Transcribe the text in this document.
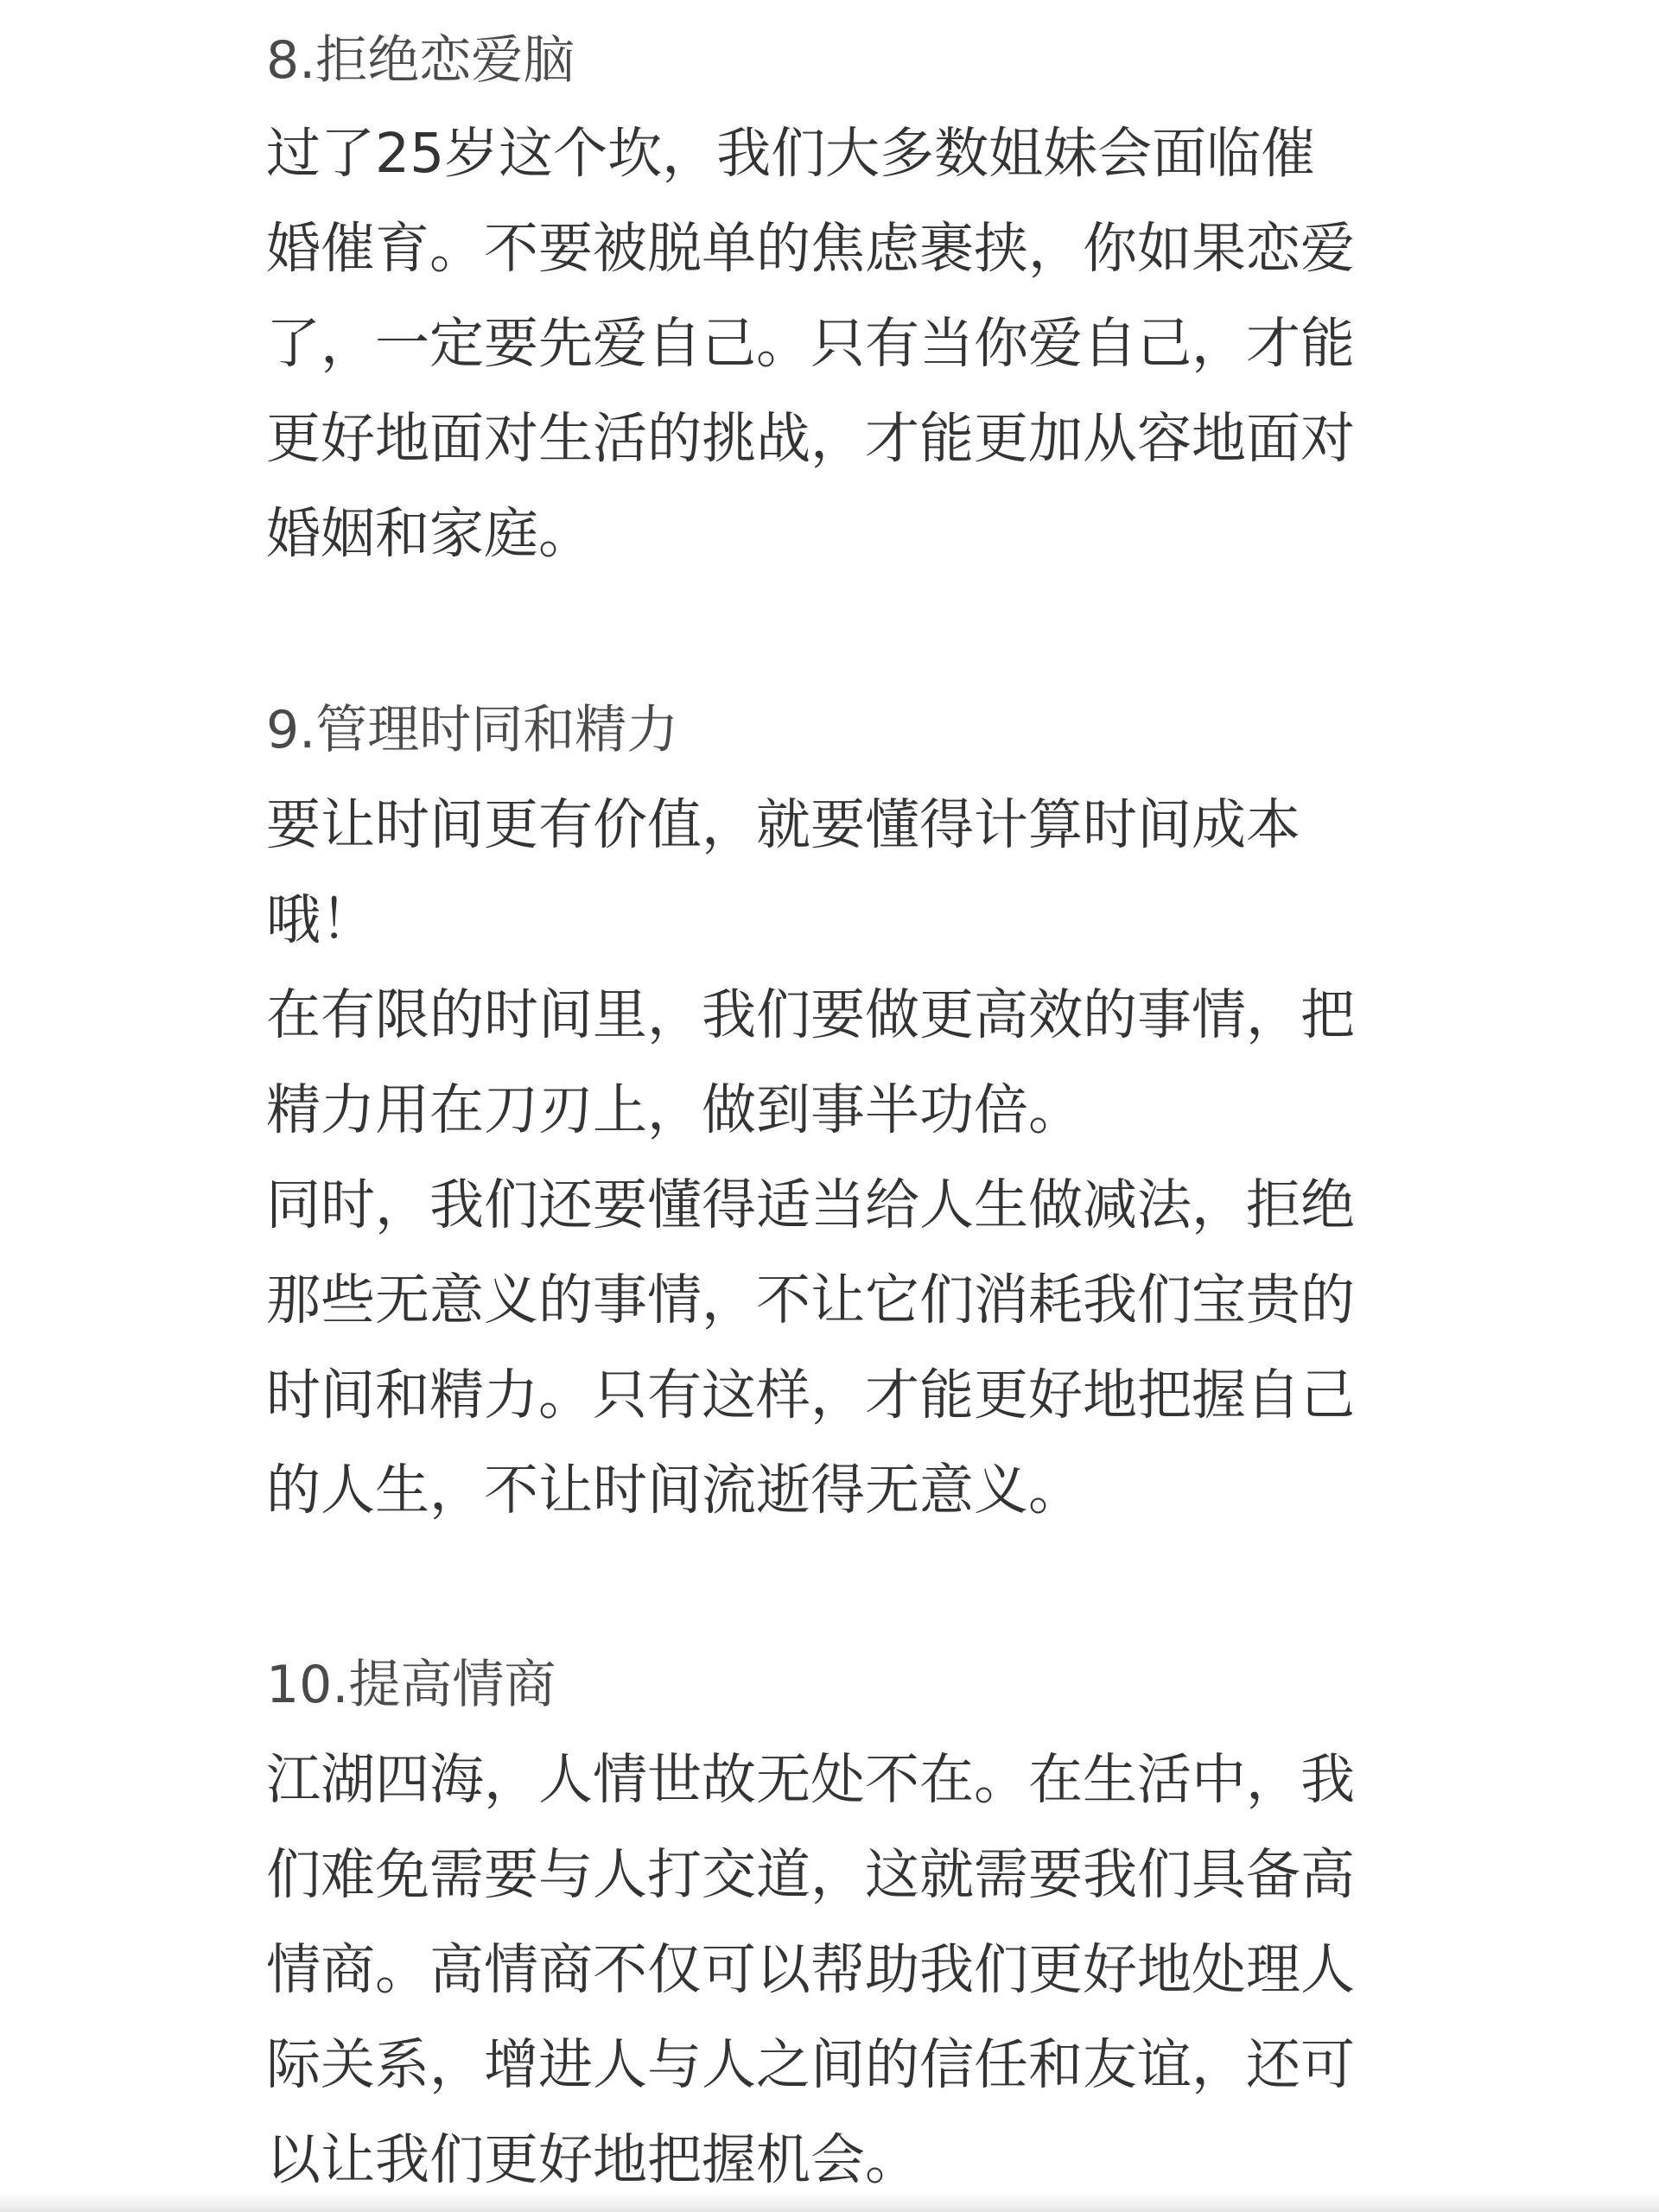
8.拒绝恋爱脑
过了25岁这个坎，我们大多数姐妹会面临催
婚催育。不要被脱单的焦虑裹挟，你如果恋爱
了，一定要先爱自己。只有当你爱自己，才能
更好地面对生活的挑战，才能更加从容地面对
婚姻和家庭。
9.管理时同和精力
要让时间更有价值，就要懂得计算时间成本
哦！
在有限的时间里，我们要做更高效的事情，把
精力用在刀刃上，做到事半功倍。
同时，我们还要懂得适当给人生做减法，拒绝
那些无意义的事情，不让它们消耗我们宝贵的
时间和精力。只有这样，才能更好地把握自己
的人生，不让时间流逝得无意义。
10.提高情商
江湖四海，人情世故无处不在。在生活中，我
们难免需要与人打交道，这就需要我们具备高
情商。高情商不仅可以帮助我们更好地处理人
际关系，增进人与人之间的信任和友谊，还可
以让我们更好地把握机会。
